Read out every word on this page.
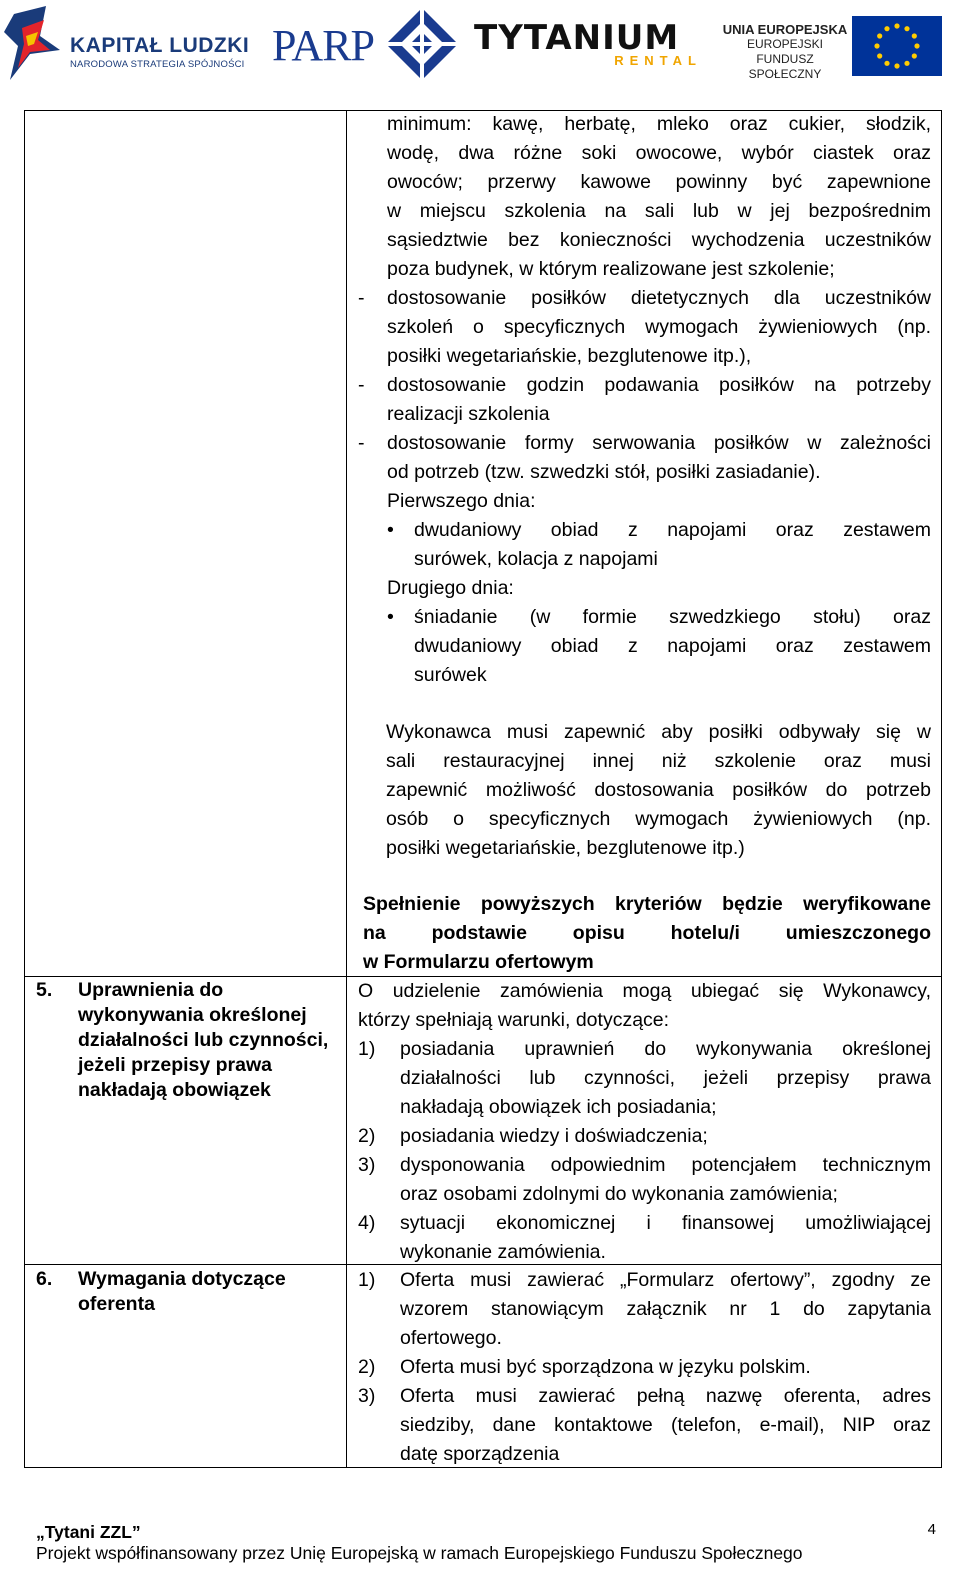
KAPITAŁ LUDZKI
NARODOWA STRATEGIA SPÓJNOŚCI PARP	TYTANIUM
RENTAL
UNIA EUROPEJSKA
EUROPEJSKI
FUNDUSZ SPOŁECZNY
minimum: kawę, herbatę, mleko oraz cukier, słodzik,
wodę, dwa różne soki owocowe, wybór ciastek oraz
owoców; przerwy kawowe powinny być zapewnione
w miejscu szkolenia na sali lub w jej bezpośrednim
sąsiedztwie bez konieczności wychodzenia uczestników
poza budynek, w którym realizowane jest szkolenie;
- dostosowanie posiłków dietetycznych dla uczestników
szkoleń o specyficznych wymogach żywieniowych (np.
posiłki wegetariańskie, bezglutenowe itp.),
- dostosowanie godzin podawania posiłków na potrzeby
realizacji szkolenia
- dostosowanie formy serwowania posiłków w zależności
od potrzeb (tzw. szwedzki stół, posiłki zasiadanie).
Pierwszego dnia:
• dwudaniowy obiad z napojami oraz zestawem
surówek, kolacja z napojami
Drugiego dnia:
• śniadanie (w formie szwedzkiego stołu) oraz
dwudaniowy obiad z napojami oraz zestawem
surówek
Wykonawca musi zapewnić aby posiłki odbywały się w
sali restauracyjnej innej niż szkolenie oraz musi
zapewnić możliwość dostosowania posiłków do potrzeb
osób o specyficznych wymogach żywieniowych (np.
posiłki wegetariańskie, bezglutenowe itp.)
Spełnienie powyższych kryteriów będzie weryfikowane
na podstawie opisu hotelu/i umieszczonego
w Formularzu ofertowym
5. Uprawnienia do wykonywania określonej działalności lub czynności, jeżeli przepisy prawa nakładają obowiązek
O udzielenie zamówienia mogą ubiegać się Wykonawcy,
którzy spełniają warunki, dotyczące:
1) posiadania uprawnień do wykonywania określonej
działalności lub czynności, jeżeli przepisy prawa
nakładają obowiązek ich posiadania;
2) posiadania wiedzy i doświadczenia;
3) dysponowania odpowiednim potencjałem technicznym
oraz osobami zdolnymi do wykonania zamówienia;
4) sytuacji ekonomicznej i finansowej umożliwiającej
wykonanie zamówienia.
6. Wymagania dotyczące oferenta
1) Oferta musi zawierać „Formularz ofertowy”, zgodny ze
wzorem stanowiącym załącznik nr 1 do zapytania
ofertowego.
2) Oferta musi być sporządzona w języku polskim.
3) Oferta musi zawierać pełną nazwę oferenta, adres
siedziby, dane kontaktowe (telefon, e-mail), NIP oraz
datę sporządzenia
„Tytani ZZL”
Projekt współfinansowany przez Unię Europejską w ramach Europejskiego Funduszu Społecznego
4
